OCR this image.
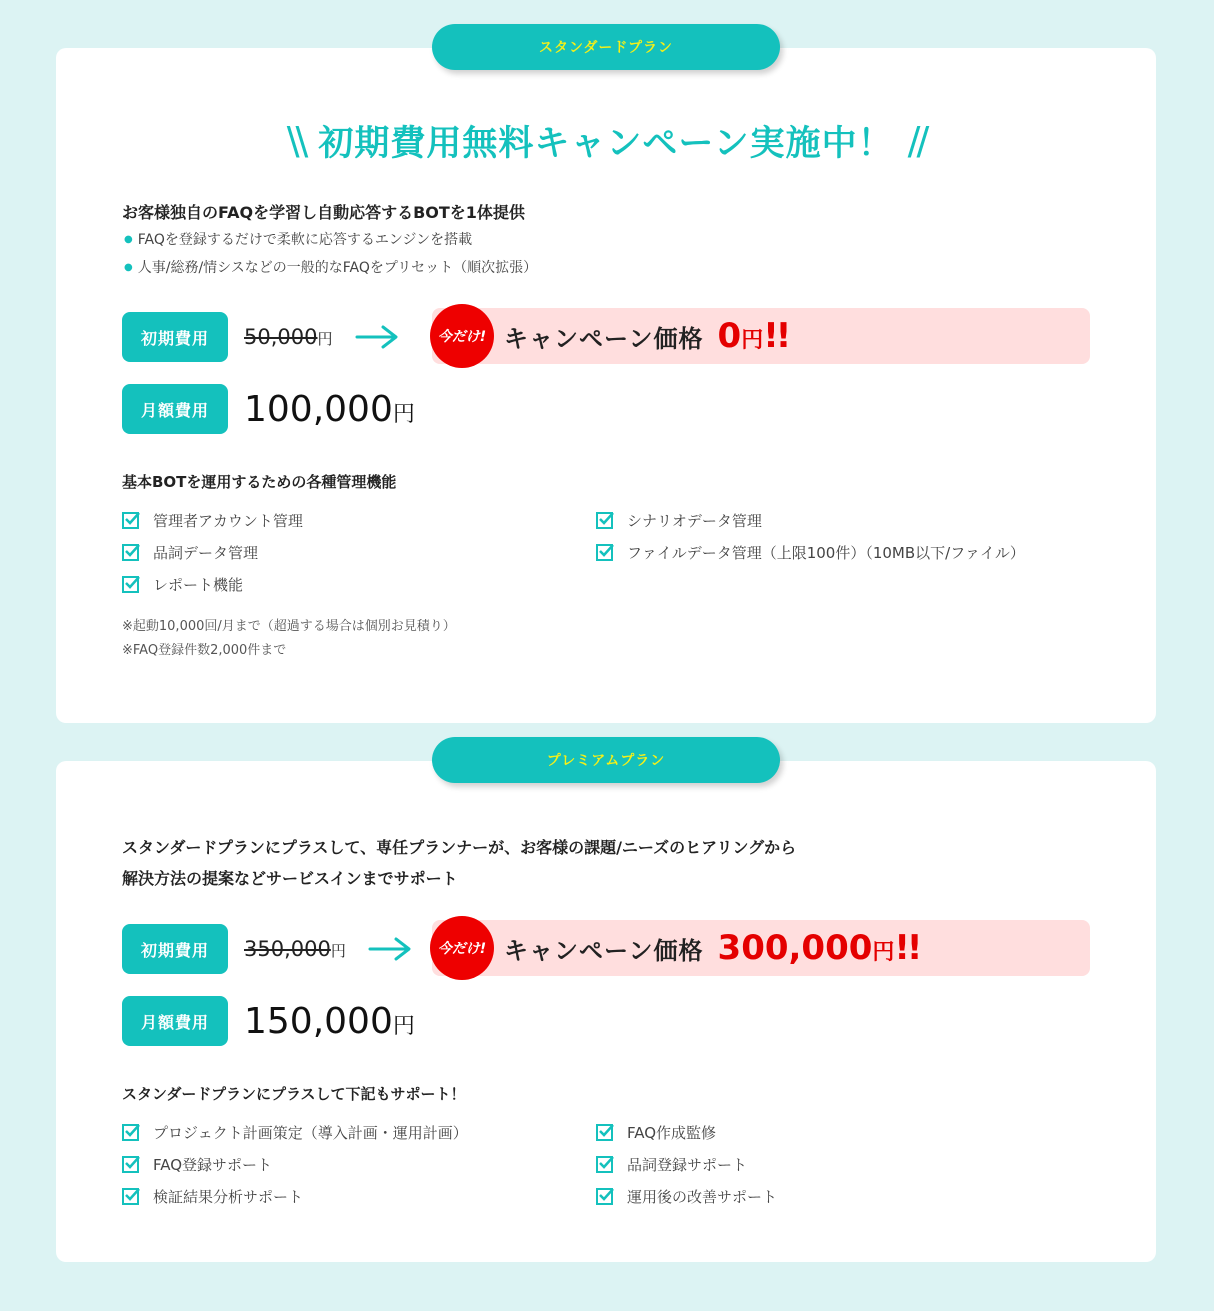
スタンダードプラン
\\ 初期費用無料キャンペーン実施中！ //
お客様独自のFAQを学習し自動応答するBOTを1体提供
● FAQを登録するだけで柔軟に応答するエンジンを搭載
● 人事/総務/情シスなどの一般的なFAQをプリセット（順次拡張）
初期費用	50,000 円	今だけ! キャンペーン価格 0 円 !!
月額費用 100,000 円
基本BOTを運用するための各種管理機能
管理者アカウント管理	シナリオデータ管理
品詞データ管理	ファイルデータ管理（上限100件）（10MB以下/ファイル）
レポート機能
※起動10,000回/月まで（超過する場合は個別お見積り）
※FAQ登録件数2,000件まで
プレミアムプラン
スタンダードプランにプラスして、専任プランナーが、お客様の課題/ニーズのヒアリングから
解決方法の提案などサービスインまでサポート
初期費用	350,000 円	今だけ! キャンペーン価格 300,000 円 !!
月額費用 150,000 円
スタンダードプランにプラスして下記もサポート！
プロジェクト計画策定（導入計画・運用計画）	FAQ作成監修
FAQ登録サポート	品詞登録サポート
検証結果分析サポート	運用後の改善サポート
